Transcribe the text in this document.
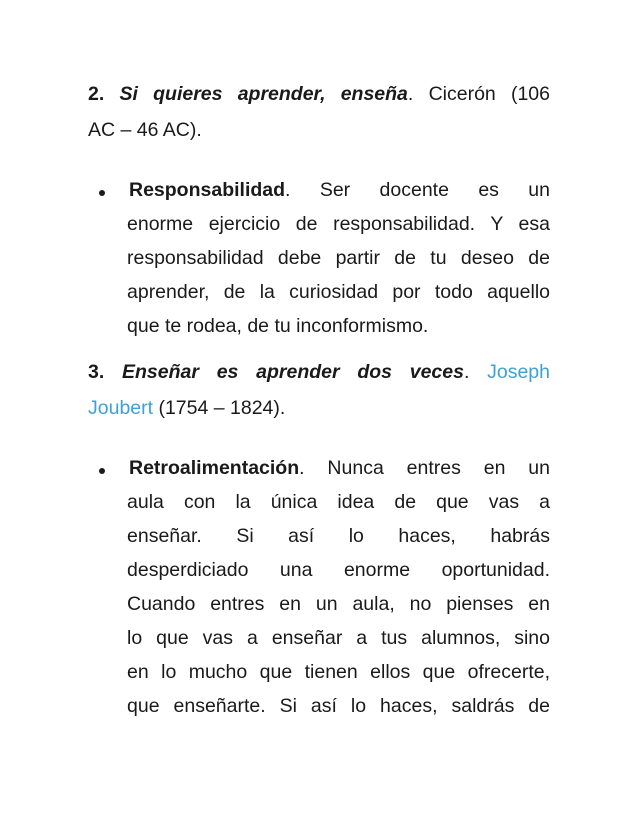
2. Si quieres aprender, enseña. Cicerón (106
AC – 46 AC).
Responsabilidad. Ser docente es un
enorme ejercicio de responsabilidad. Y esa
responsabilidad debe partir de tu deseo de
aprender, de la curiosidad por todo aquello
que te rodea, de tu inconformismo.
3. Enseñar es aprender dos veces. Joseph
Joubert (1754 – 1824).
Retroalimentación. Nunca entres en un
aula con la única idea de que vas a
enseñar. Si así lo haces, habrás
desperdiciado una enorme oportunidad.
Cuando entres en un aula, no pienses en
lo que vas a enseñar a tus alumnos, sino
en lo mucho que tienen ellos que ofrecerte,
que enseñarte. Si así lo haces, saldrás de
